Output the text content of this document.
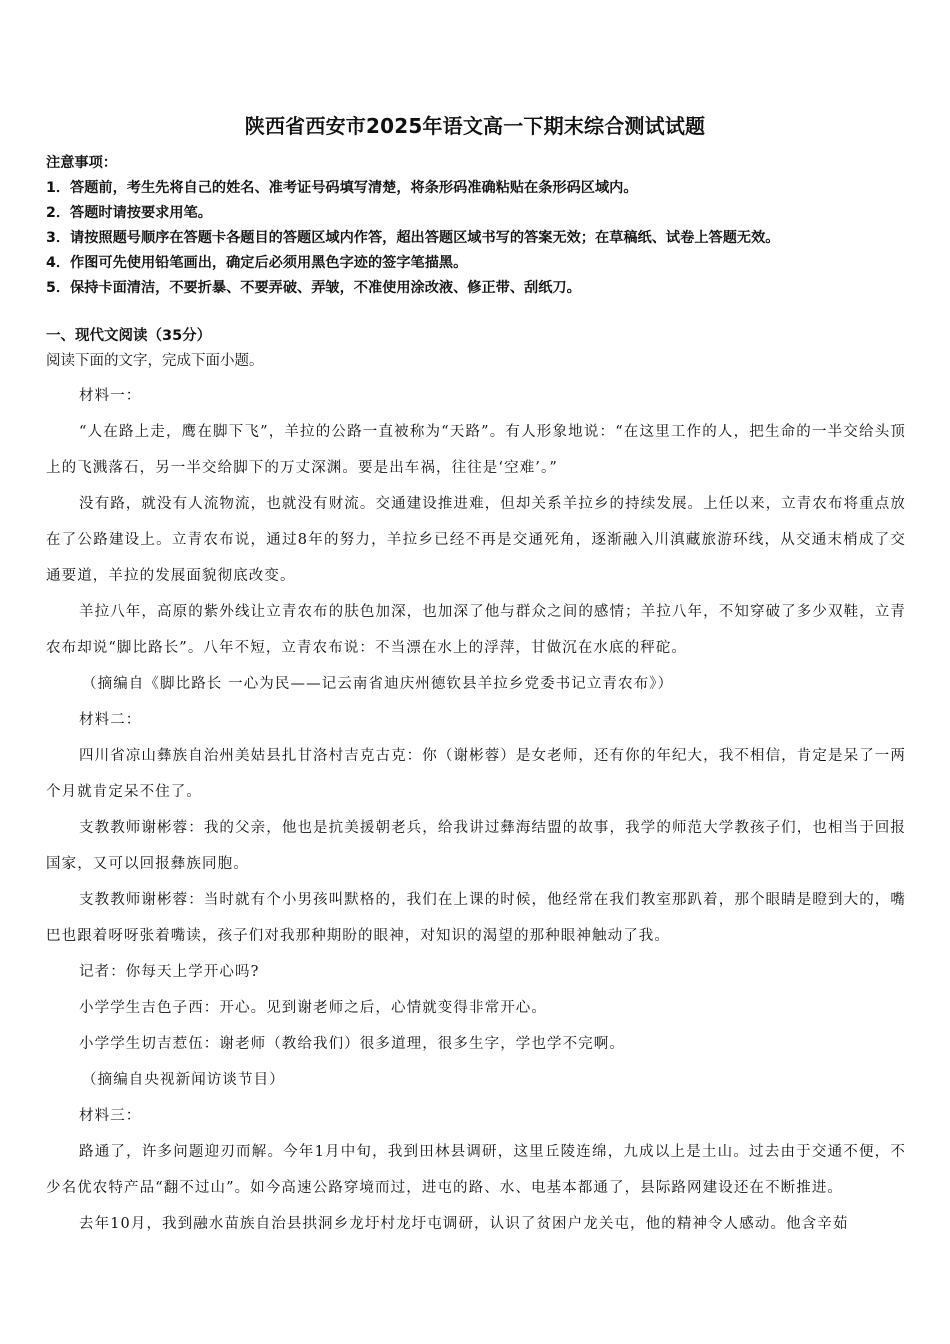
陕西省西安市2025年语文高一下期末综合测试试题
注意事项：
1．答题前，考生先将自己的姓名、准考证号码填写清楚，将条形码准确粘贴在条形码区域内。
2．答题时请按要求用笔。
3．请按照题号顺序在答题卡各题目的答题区域内作答，超出答题区域书写的答案无效；在草稿纸、试卷上答题无效。
4．作图可先使用铅笔画出，确定后必须用黑色字迹的签字笔描黑。
5．保持卡面清洁，不要折暴、不要弄破、弄皱，不准使用涂改液、修正带、刮纸刀。
一、现代文阅读（35分）
阅读下面的文字，完成下面小题。

材料一：

“人在路上走，鹰在脚下飞”，羊拉的公路一直被称为“天路”。有人形象地说：“在这里工作的人，把生命的一半交给头顶上的飞溅落石，另一半交给脚下的万丈深渊。要是出车祸，往往是‘空难’。”

没有路，就没有人流物流，也就没有财流。交通建设推进难，但却关系羊拉乡的持续发展。上任以来，立青农布将重点放在了公路建设上。立青农布说，通过8年的努力，羊拉乡已经不再是交通死角，逐渐融入川滇藏旅游环线，从交通末梢成了交通要道，羊拉的发展面貌彻底改变。

羊拉八年，高原的紫外线让立青农布的肤色加深，也加深了他与群众之间的感情；羊拉八年，不知穿破了多少双鞋，立青农布却说“脚比路长”。八年不短，立青农布说：不当漂在水上的浮萍，甘做沉在水底的秤砣。

（摘编自《脚比路长 一心为民——记云南省迪庆州德钦县羊拉乡党委书记立青农布》）

材料二：

四川省凉山彝族自治州美姑县扎甘洛村吉克古克：你（谢彬蓉）是女老师，还有你的年纪大，我不相信，肯定是呆了一两个月就肯定呆不住了。

支教教师谢彬蓉：我的父亲，他也是抗美援朝老兵，给我讲过彝海结盟的故事，我学的师范大学教孩子们，也相当于回报国家，又可以回报彝族同胞。

支教教师谢彬蓉：当时就有个小男孩叫默格的，我们在上课的时候，他经常在我们教室那趴着，那个眼睛是瞪到大的，嘴巴也跟着呀呀张着嘴读，孩子们对我那种期盼的眼神，对知识的渴望的那种眼神触动了我。

记者：你每天上学开心吗?

小学学生吉色子西：开心。见到谢老师之后，心情就变得非常开心。

小学学生切吉惹伍：谢老师（教给我们）很多道理，很多生字，学也学不完啊。

（摘编自央视新闻访谈节目）

材料三：

路通了，许多问题迎刃而解。今年1月中旬，我到田林县调研，这里丘陵连绵，九成以上是土山。过去由于交通不便，不少名优农特产品“翻不过山”。如今高速公路穿境而过，进屯的路、水、电基本都通了，县际路网建设还在不断推进。

去年10月，我到融水苗族自治县拱洞乡龙圩村龙圩屯调研，认识了贫困户龙关屯，他的精神令人感动。他含辛茹
